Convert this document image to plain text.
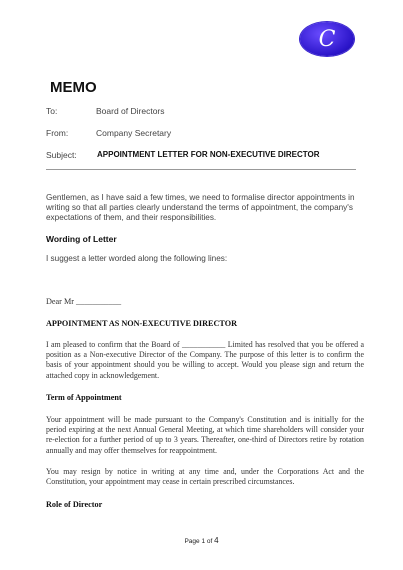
C
MEMO
To:	Board of Directors
From:	Company Secretary
Subject:	APPOINTMENT LETTER FOR NON-EXECUTIVE DIRECTOR
Gentlemen, as I have said a few times, we need to formalise director appointments in writing so that all parties clearly understand the terms of appointment, the company's expectations of them, and their responsibilities.
Wording of Letter
I suggest a letter worded along the following lines:
Dear Mr ___________
APPOINTMENT AS NON-EXECUTIVE DIRECTOR
I am pleased to confirm that the Board of ___________ Limited has resolved that you be offered a position as a Non-executive Director of the Company. The purpose of this letter is to confirm the basis of your appointment should you be willing to accept. Would you please sign and return the attached copy in acknowledgement.
Term of Appointment
Your appointment will be made pursuant to the Company's Constitution and is initially for the period expiring at the next Annual General Meeting, at which time shareholders will consider your re-election for a further period of up to 3 years. Thereafter, one-third of Directors retire by rotation annually and may offer themselves for reappointment.
You may resign by notice in writing at any time and, under the Corporations Act and the Constitution, your appointment may cease in certain prescribed circumstances.
Role of Director
Page 1 of 4
